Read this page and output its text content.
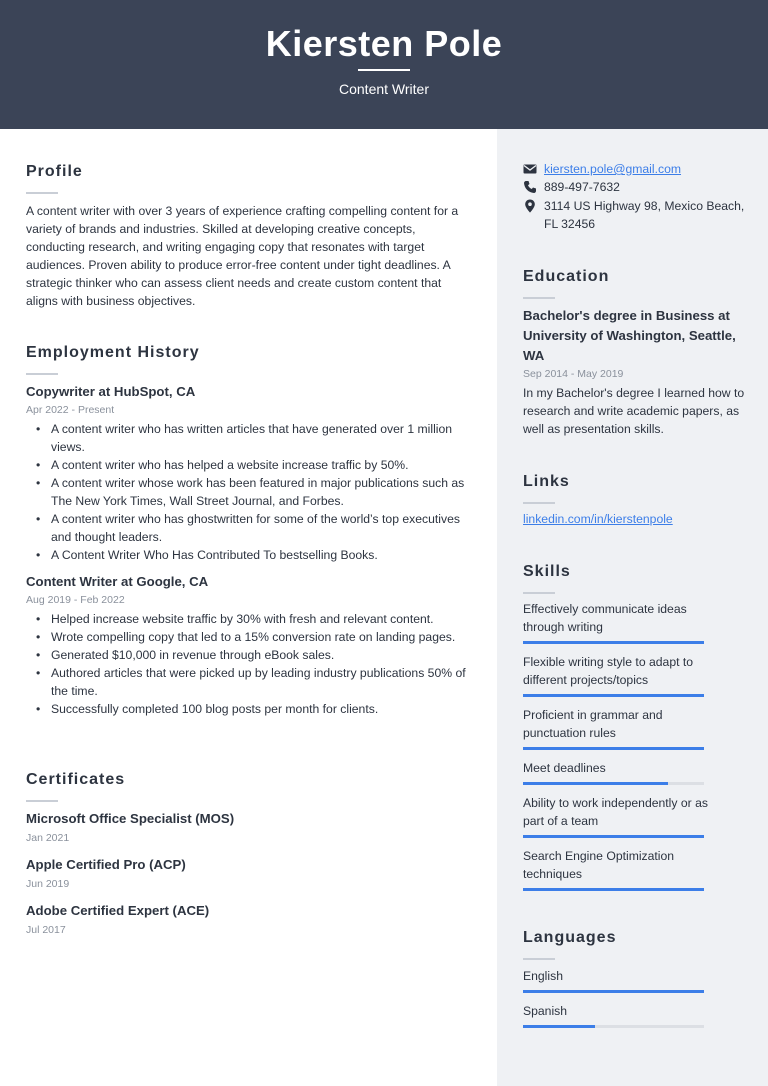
Kiersten Pole
Content Writer
Profile
A content writer with over 3 years of experience crafting compelling content for a variety of brands and industries. Skilled at developing creative concepts, conducting research, and writing engaging copy that resonates with target audiences. Proven ability to produce error-free content under tight deadlines. A strategic thinker who can assess client needs and create custom content that aligns with business objectives.
Employment History
Copywriter at HubSpot, CA
Apr 2022 - Present
• A content writer who has written articles that have generated over 1 million views.
• A content writer who has helped a website increase traffic by 50%.
• A content writer whose work has been featured in major publications such as The New York Times, Wall Street Journal, and Forbes.
• A content writer who has ghostwritten for some of the world’s top executives and thought leaders.
• A Content Writer Who Has Contributed To bestselling Books.
Content Writer at Google, CA
Aug 2019 - Feb 2022
• Helped increase website traffic by 30% with fresh and relevant content.
• Wrote compelling copy that led to a 15% conversion rate on landing pages.
• Generated $10,000 in revenue through eBook sales.
• Authored articles that were picked up by leading industry publications 50% of the time.
• Successfully completed 100 blog posts per month for clients.
Certificates
Microsoft Office Specialist (MOS)
Jan 2021
Apple Certified Pro (ACP)
Jun 2019
Adobe Certified Expert (ACE)
Jul 2017
kiersten.pole@gmail.com
889-497-7632
3114 US Highway 98, Mexico Beach, FL 32456
Education
Bachelor's degree in Business at University of Washington, Seattle, WA
Sep 2014 - May 2019
In my Bachelor's degree I learned how to research and write academic papers, as well as presentation skills.
Links
linkedin.com/in/kierstenpole
Skills
Effectively communicate ideas through writing
Flexible writing style to adapt to different projects/topics
Proficient in grammar and punctuation rules
Meet deadlines
Ability to work independently or as part of a team
Search Engine Optimization techniques
Languages
English
Spanish
